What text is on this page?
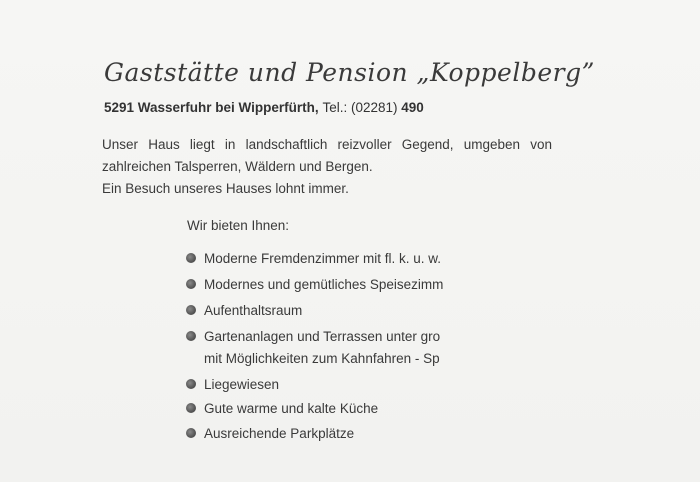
Gaststätte und Pension „Koppelberg”
5291 Wasserfuhr bei Wipperfürth, Tel.: (02281) 490

Unser Haus liegt in landschaftlich reizvoller Gegend, umgeben von

zahlreichen Talsperren, Wäldern und Bergen.

Ein Besuch unseres Hauses lohnt immer.

Wir bieten Ihnen:
Moderne Fremdenzimmer mit fl. k. u. w.
Modernes und gemütliches Speisezimm
Aufenthaltsraum
Gartenanlagen und Terrassen unter gro
mit Möglichkeiten zum Kahnfahren - Sp
Liegewiesen
Gute warme und kalte Küche
Ausreichende Parkplätze
